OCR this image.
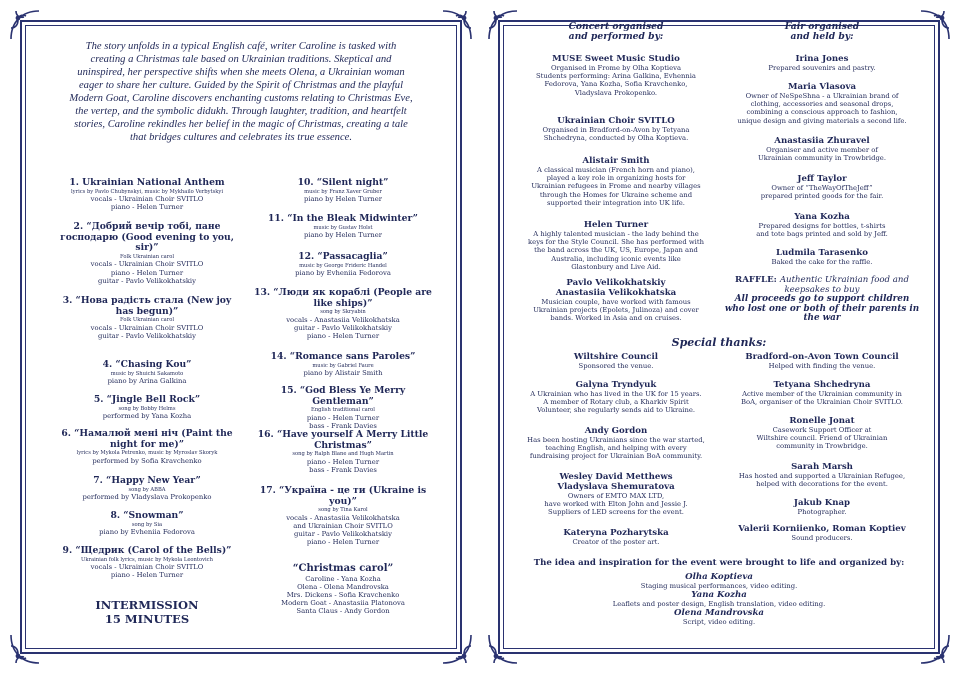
The story unfolds in a typical English café, writer Caroline is tasked with creating a Christmas tale based on Ukrainian traditions. Skeptical and uninspired, her perspective shifts when she meets Olena, a Ukrainian woman eager to share her culture. Guided by the Spirit of Christmas and the playful Modern Goat, Caroline discovers enchanting customs relating to Christmas Eve, the vertep, and the symbolic didukh. Through laughter, tradition, and heartfelt stories, Caroline rekindles her belief in the magic of Christmas, creating a tale that bridges cultures and celebrates its true essence.
1. Ukrainian National Anthem
lyrics by Pavlo Chubynskyi, music by Mykhailo Verbytskyi
vocals - Ukrainian Choir SVITLO
piano - Helen Turner
2. “Добрий вечір тобі, пане господарю (Good evening to you, sir)”
Folk Ukrainian carol
vocals - Ukrainian Choir SVITLO
piano - Helen Turner
guitar - Pavlo Velikokhatskiy
3. “Нова радість стала (New joy has begun)”
Folk Ukrainian carol
vocals - Ukrainian Choir SVITLO
guitar - Pavlo Velikokhatskiy
4. “Chasing Kou”
music by Shuichi Sakamoto
piano by Arina Galkina
5. “Jingle Bell Rock”
song by Bobby Helms
performed by Yana Kozha
6. “Намалюй мені ніч (Paint the night for me)”
lyrics by Mykola Petrenko, music by Myroslav Skoryk
performed by Sofia Kravchenko
7. “Happy New Year”
song by ABBA
performed by Vladyslava Prokopenko
8. “Snowman”
song by Sia
piano by Evheniia Fedorova
9. “Щедрик (Carol of the Bells)”
Ukrainian folk lyrics, music by Mykola Leontovich
vocals - Ukrainian Choir SVITLO
piano - Helen Turner
INTERMISSION
15 MINUTES
10. “Silent night”
music by Franz Xaver Gruber
piano by Helen Turner
11. “In the Bleak Midwinter”
music by Gustav Holst
piano by Helen Turner
12. “Passacaglia”
music by George Frideric Handel
piano by Evheniia Fedorova
13. “Люди як кораблі (People are like ships)”
song by Skryabin
vocals - Anastasiia Velikokhatska
guitar - Pavlo Velikokhatskiy
piano - Helen Turner
14. “Romance sans Paroles”
music by Gabriel Faure
piano by Alistair Smith
15. “God Bless Ye Merry Gentleman”
English traditional carol
piano - Helen Turner
bass - Frank Davies
16. “Have yourself A Merry Little Christmas”
song by Ralph Blane and Hugh Martin
piano - Helen Turner
bass - Frank Davies
17. “Україна - це ти (Ukraine is you)”
song by Tina Karol
vocals - Anastasiia Velikokhatska
and Ukrainian Choir SVITLO
guitar - Pavlo Velikokhatskiy
piano - Helen Turner
“Christmas carol”
Caroline - Yana Kozha
Olena - Olena Mandrovska
Mrs. Dickens - Sofia Kravchenko
Modern Goat - Anastasiia Platonova
Santa Claus - Andy Gordon
Concert organised
and performed by:
MUSE Sweet Music Studio
Organised in Frome by Olha Koptieva
Students performing: Arina Galkina, Evhennia
Fedorova, Yana Kozha, Sofia Kravchenko,
Vladyslava Prokopenko.
Ukrainian Choir SVITLO
Organised in Bradford-on-Avon by Tetyana
Shchedryna, conducted by Olha Koptieva.
Alistair Smith
A classical musician (French horn and piano),
played a key role in organizing hosts for
Ukrainian refugees in Frome and nearby villages
through the Homes for Ukraine scheme and
supported their integration into UK life.
Helen Turner
A highly talented musician - the lady behind the
keys for the Style Council. She has performed with
the band across the UK, US, Europe, Japan and
Australia, including iconic events like
Glastonbury and Live Aid.
Pavlo Velikokhatskiy Anastasiia Velikokhatska
Musician couple, have worked with famous
Ukrainian projects (Epolets, Julinoza) and cover
bands. Worked in Asia and on cruises.
Fair organised
and held by:
Irina Jones
Prepared souvenirs and pastry.
Maria Vlasova
Owner of NeSpeShna - a Ukrainian brand of
clothing, accessories and seasonal drops,
combining a conscious approach to fashion,
unique design and giving materials a second life.
Anastasiia Zhuravel
Organiser and active member of
Ukrainian community in Trowbridge.
Jeff Taylor
Owner of “TheWayOfTheJeff”
prepared printed goods for the fair.
Yana Kozha
Prepared designs for bottles, t-shirts
and tote bags printed and sold by Jeff.
Ludmila Tarasenko
Baked the cake for the raffle.
RAFFLE: Authentic Ukrainian food and keepsakes to buy
All proceeds go to support children who lost one or both of their parents in the war
Special thanks:
Wiltshire Council
Sponsored the venue.
Galyna Tryndyuk
A Ukrainian who has lived in the UK for 15 years.
A member of Rotary club, a Kharkiv Spirit
Volunteer, she regularly sends aid to Ukraine.
Andy Gordon
Has been hosting Ukrainians since the war started,
teaching English, and helping with every
fundraising project for Ukrainian BoA community.
Wesley David Metthews Vladyslava Shemuratova
Owners of EMTO MAX LTD,
have worked with Elton John and Jessie J.
Suppliers of LED screens for the event.
Kateryna Pozharytska
Creator of the poster art.
Bradford-on-Avon Town Council
Helped with finding the venue.
Tetyana Shchedryna
Active member of the Ukrainian community in
BoA, organiser of the Ukrainian Choir SVITLO.
Ronelle Jonat
Casework Support Officer at
Wiltshire council. Friend of Ukrainian
community in Trowbridge.
Sarah Marsh
Has hosted and supported a Ukrainian Refugee,
helped with decorations for the event.
Jakub Knap
Photographer.
Valerii Korniienko, Roman Koptiev
Sound producers.
The idea and inspiration for the event were brought to life and organized by:
Olha Koptieva
Staging musical performances, video editing.
Yana Kozha
Leaflets and poster design, English translation, video editing.
Olena Mandrovska
Script, video editing.
